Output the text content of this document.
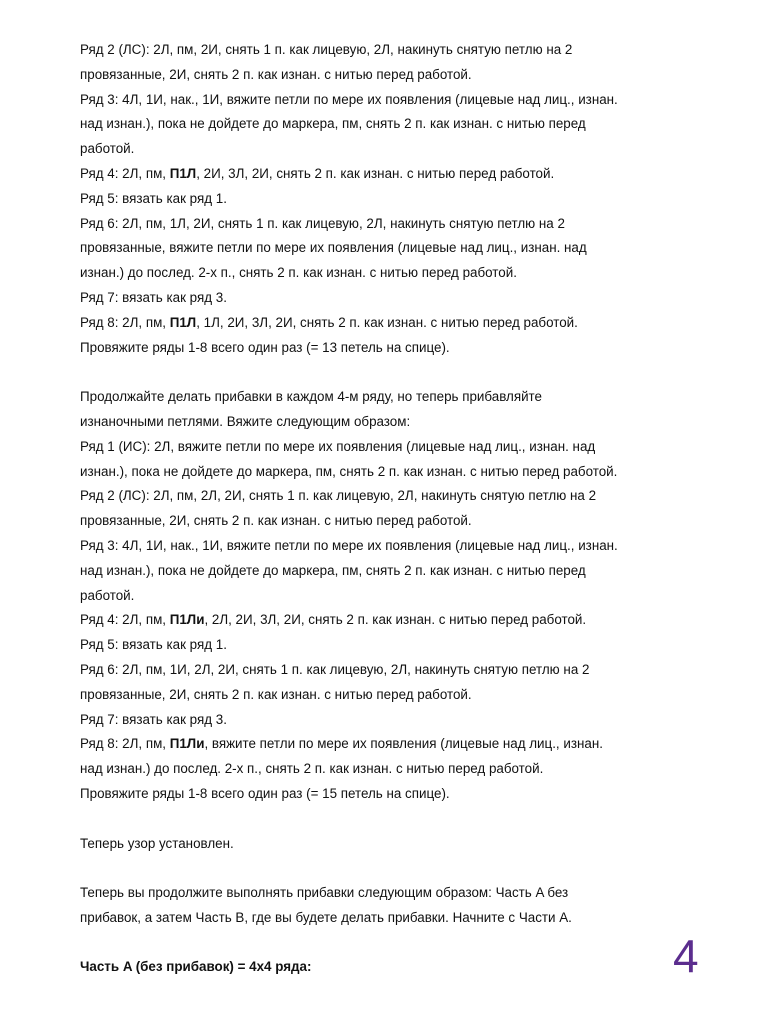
Ряд 2 (ЛС): 2Л, пм, 2И, снять 1 п. как лицевую, 2Л, накинуть снятую петлю на 2
провязанные, 2И, снять 2 п. как изнан. с нитью перед работой.
Ряд 3: 4Л, 1И, нак., 1И, вяжите петли по мере их появления (лицевые над лиц., изнан.
над изнан.), пока не дойдете до маркера, пм, снять 2 п. как изнан. с нитью перед
работой.
Ряд 4: 2Л, пм, П1Л, 2И, 3Л, 2И, снять 2 п. как изнан. с нитью перед работой.
Ряд 5: вязать как ряд 1.
Ряд 6: 2Л, пм, 1Л, 2И, снять 1 п. как лицевую, 2Л, накинуть снятую петлю на 2
провязанные, вяжите петли по мере их появления (лицевые над лиц., изнан. над
изнан.) до послед. 2-х п., снять 2 п. как изнан. с нитью перед работой.
Ряд 7: вязать как ряд 3.
Ряд 8: 2Л, пм, П1Л, 1Л, 2И, 3Л, 2И, снять 2 п. как изнан. с нитью перед работой.
Провяжите ряды 1-8 всего один раз (= 13 петель на спице).
Продолжайте делать прибавки в каждом 4-м ряду, но теперь прибавляйте
изнаночными петлями. Вяжите следующим образом:
Ряд 1 (ИС): 2Л, вяжите петли по мере их появления (лицевые над лиц., изнан. над
изнан.), пока не дойдете до маркера, пм, снять 2 п. как изнан. с нитью перед работой.
Ряд 2 (ЛС): 2Л, пм, 2Л, 2И, снять 1 п. как лицевую, 2Л, накинуть снятую петлю на 2
провязанные, 2И, снять 2 п. как изнан. с нитью перед работой.
Ряд 3: 4Л, 1И, нак., 1И, вяжите петли по мере их появления (лицевые над лиц., изнан.
над изнан.), пока не дойдете до маркера, пм, снять 2 п. как изнан. с нитью перед
работой.
Ряд 4: 2Л, пм, П1Ли, 2Л, 2И, 3Л, 2И, снять 2 п. как изнан. с нитью перед работой.
Ряд 5: вязать как ряд 1.
Ряд 6: 2Л, пм, 1И, 2Л, 2И, снять 1 п. как лицевую, 2Л, накинуть снятую петлю на 2
провязанные, 2И, снять 2 п. как изнан. с нитью перед работой.
Ряд 7: вязать как ряд 3.
Ряд 8: 2Л, пм, П1Ли, вяжите петли по мере их появления (лицевые над лиц., изнан.
над изнан.) до послед. 2-х п., снять 2 п. как изнан. с нитью перед работой.
Провяжите ряды 1-8 всего один раз (= 15 петель на спице).
Теперь узор установлен.
Теперь вы продолжите выполнять прибавки следующим образом: Часть A без
прибавок, а затем Часть B, где вы будете делать прибавки. Начните с Части A.
Часть A (без прибавок) = 4x4 ряда:	4
